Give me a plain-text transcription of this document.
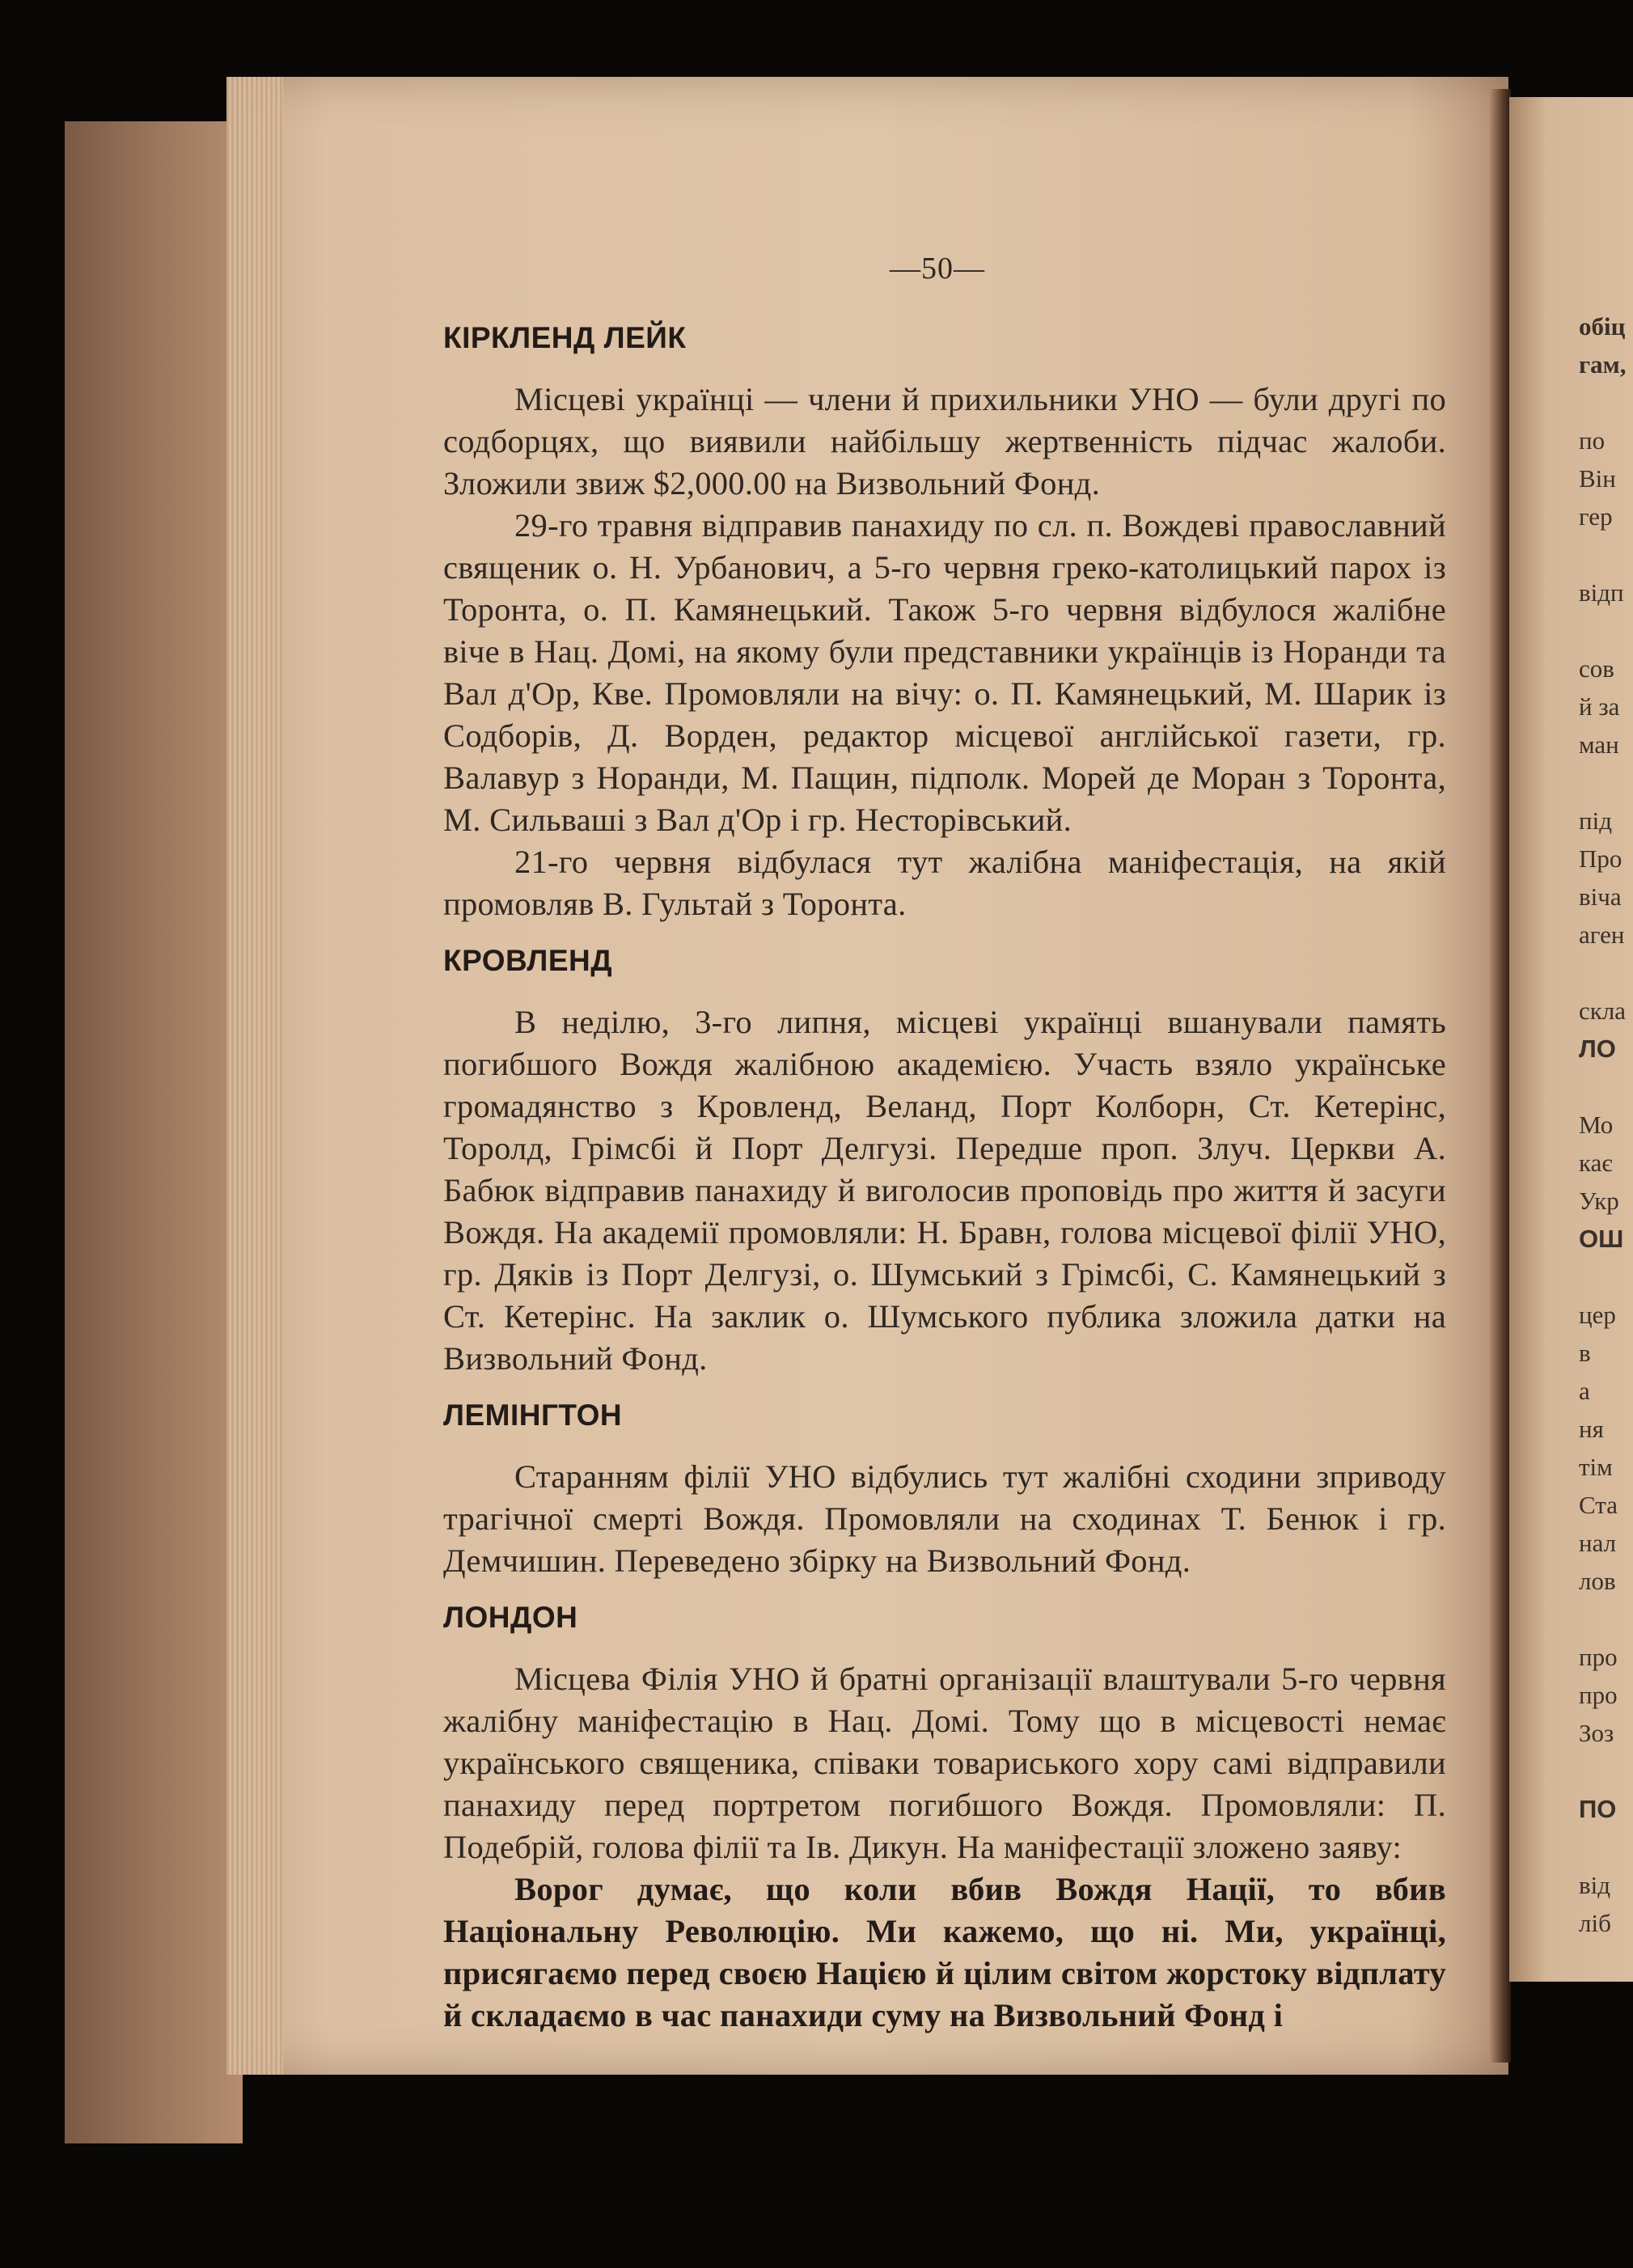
обіц
гам,

по
Він
гер

відп

сов
й за
ман

під
Про
віча
аген

скла
ЛО

Мо
кає
Укр
ОШ

цер
в
а
ня
тім
Ста
нал
лов

про
про
Зоз

ПО

від
ліб
—50—
КІРКЛЕНД ЛЕЙК

Місцеві українці — члени й прихильники УНО — були другі по содборцях, що виявили найбільшу жертвенність підчас жалоби. Зложили звиж $2,000.00 на Визвольний Фонд.

29-го травня відправив панахиду по сл. п. Вождеві православний священик о. Н. Урбанович, а 5-го червня греко-католицький парох із Торонта, о. П. Камянецький. Також 5-го червня відбулося жалібне віче в Нац. Домі, на якому були представники українців із Норанди та Вал д'Ор, Кве. Промовляли на вічу: о. П. Камянецький, М. Шарик із Содборів, Д. Ворден, редактор місцевої англійської газети, гр. Валавур з Норанди, М. Пащин, підполк. Морей де Моран з Торонта, М. Сильваші з Вал д'Ор і гр. Несторівський.

21-го червня відбулася тут жалібна маніфестація, на якій промовляв В. Гультай з Торонта.

КРОВЛЕНД

В неділю, 3-го липня, місцеві українці вшанували память погибшого Вождя жалібною академією. Участь взяло українське громадянство з Кровленд, Веланд, Порт Колборн, Ст. Кетерінс, Торолд, Грімсбі й Порт Делгузі. Передше проп. Злуч. Церкви А. Бабюк відправив панахиду й виголосив проповідь про життя й засуги Вождя. На академії промовляли: Н. Бравн, голова місцевої філії УНО, гр. Дяків із Порт Делгузі, о. Шумський з Грімсбі, С. Камянецький з Ст. Кетерінс. На заклик о. Шумського публика зложила датки на Визвольний Фонд.

ЛЕМІНГТОН

Старанням філії УНО відбулись тут жалібні сходини зприводу трагічної смерті Вождя. Промовляли на сходинах Т. Бенюк і гр. Демчишин. Переведено збірку на Визвольний Фонд.

ЛОНДОН

Місцева Філія УНО й братні організації влаштували 5-го червня жалібну маніфестацію в Нац. Домі. Тому що в місцевості немає українського священика, співаки товариського хору самі відправили панахиду перед портретом погибшого Вождя. Промовляли: П. Подебрій, голова філії та Ів. Дикун. На маніфестації зложено заяву:

Ворог думає, що коли вбив Вождя Нації, то вбив Національну Революцію. Ми кажемо, що ні. Ми, українці, присягаємо перед своєю Нацією й цілим світом жорстоку відплату й складаємо в час панахиди суму на Визвольний Фонд і
